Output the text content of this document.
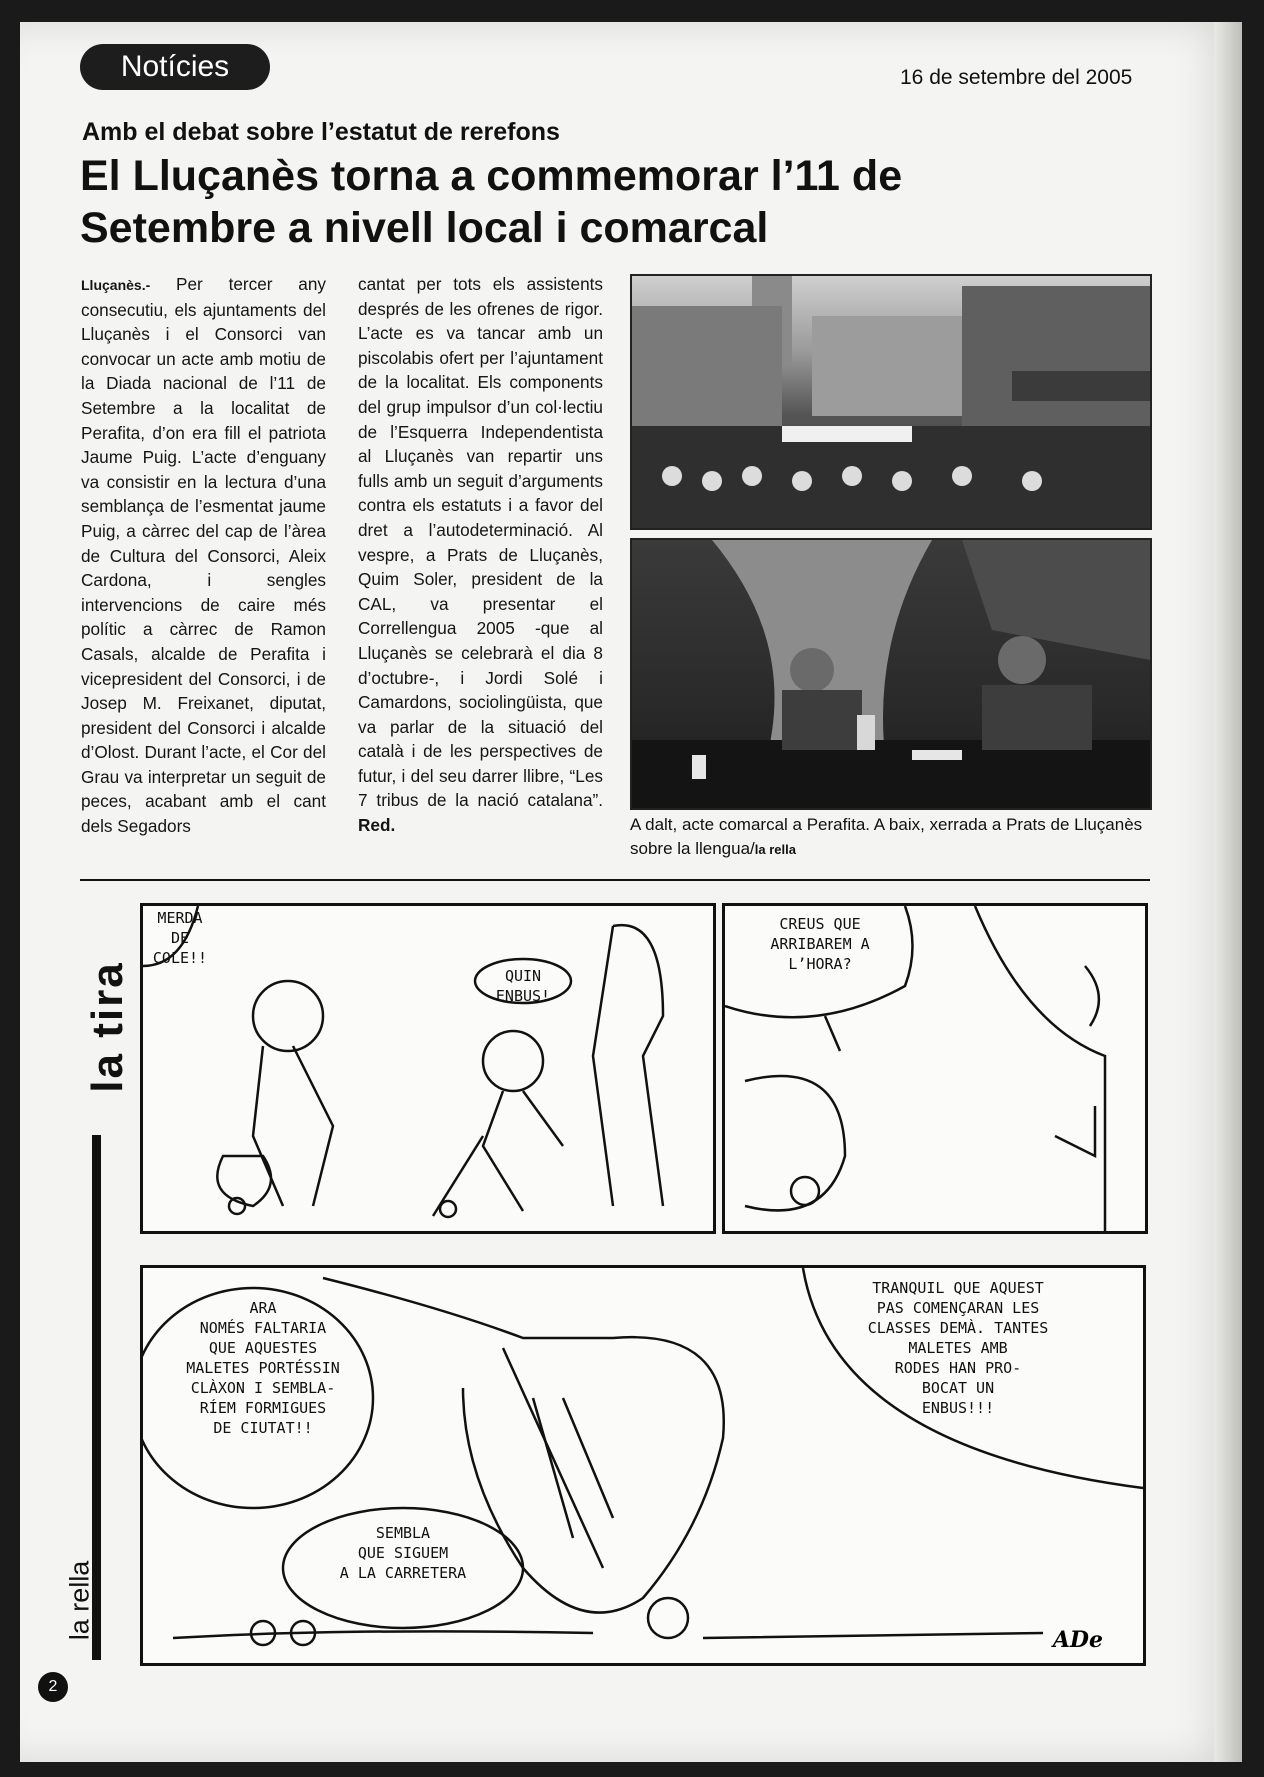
Notícies	16 de setembre del 2005
Amb el debat sobre l’estatut de rerefons
El Lluçanès torna a commemorar l’11 de Setembre a nivell local i comarcal

Lluçanès.- Per tercer any consecutiu, els ajuntaments del Lluçanès i el Consorci van convocar un acte amb motiu de la Diada nacional de l’11 de Setembre a la localitat de Perafita, d’on era fill el patriota Jaume Puig. L’acte d’enguany va consistir en la lectura d’una semblança de l’esmentat jaume Puig, a càrrec del cap de l’àrea de Cultura del Consorci, Aleix Cardona, i sengles intervencions de caire més polític a càrrec de Ramon Casals, alcalde de Perafita i vicepresident del Consorci, i de Josep M. Freixanet, diputat, president del Consorci i alcalde d’Olost. Durant l’acte, el Cor del Grau va interpretar un seguit de peces, acabant amb el cant dels Segadors

cantat per tots els assistents després de les ofrenes de rigor. L’acte es va tancar amb un piscolabis ofert per l’ajuntament de la localitat. Els components del grup impulsor d’un col·lectiu de l’Esquerra Independentista al Lluçanès van repartir uns fulls amb un seguit d’arguments contra els estatuts i a favor del dret a l’autodeterminació. Al vespre, a Prats de Lluçanès, Quim Soler, president de la CAL, va presentar el Correllengua 2005 -que al Lluçanès se celebrarà el dia 8 d’octubre-, i Jordi Solé i Camardons, sociolingüista, que va parlar de la situació del català i de les perspectives de futur, i del seu darrer llibre, “Les 7 tribus de la nació catalana”. Red.	A dalt, acte comarcal a Perafita. A baix, xerrada a Prats de Lluçanès sobre la llengua/la rella
la tira
MERDA
DE
COLE!!
QUIN
ENBUS!
CREUS QUE
ARRIBAREM A
L’HORA?
ARA
NOMÉS FALTARIA
QUE AQUESTES
MALETES PORTÉSSIN
CLÀXON I SEMBLA-
RÍEM FORMIGUES
DE CIUTAT!!
SEMBLA
QUE SIGUEM
A LA CARRETERA
TRANQUIL QUE AQUEST
PAS COMENÇARAN LES
CLASSES DEMÀ. TANTES
MALETES AMB
RODES HAN PRO-
BOCAT UN
ENBUS!!!
ADe
la rella
2
